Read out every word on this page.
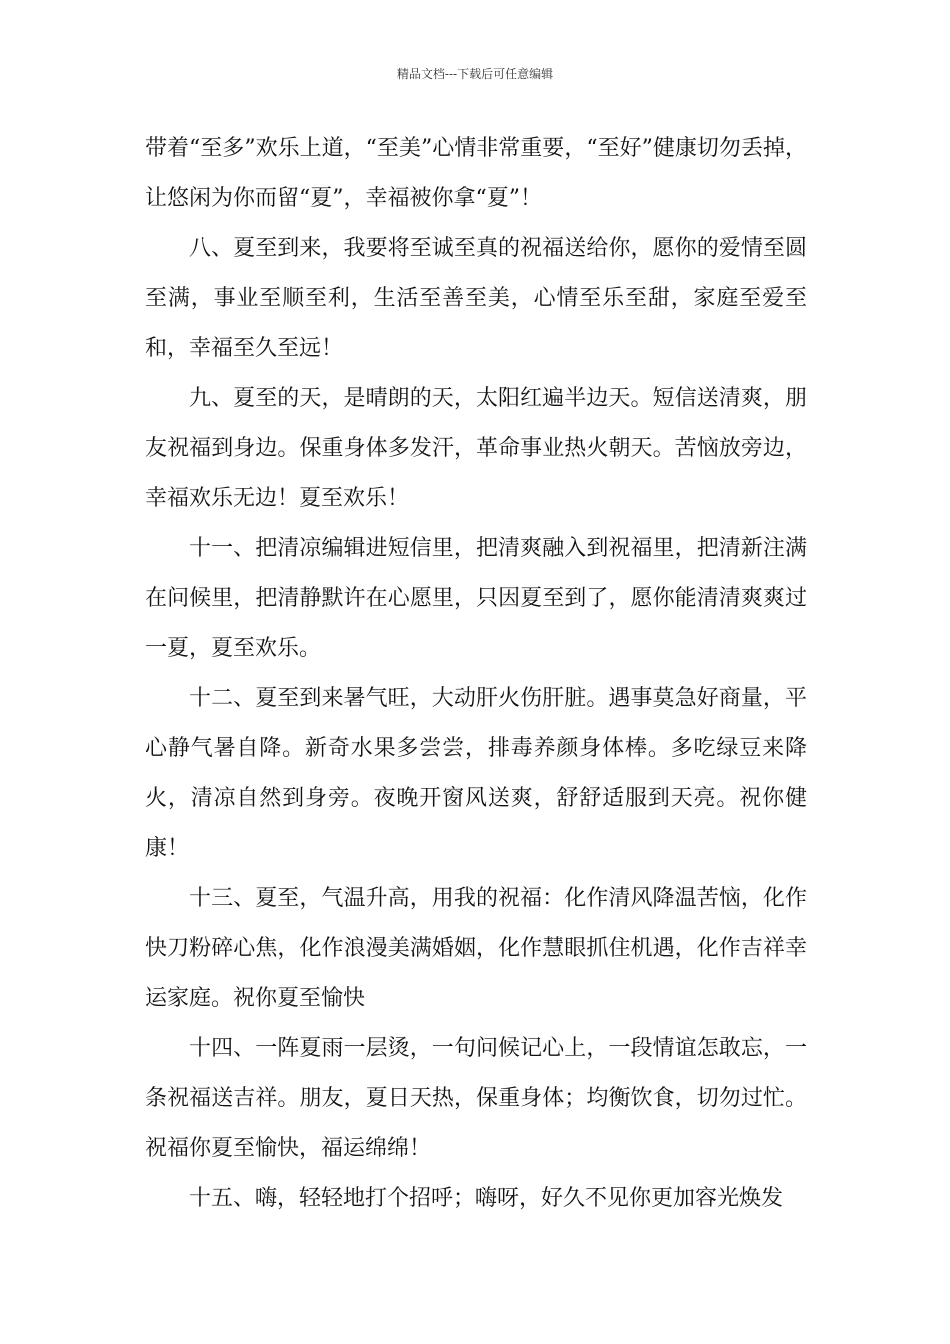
精品文档---下载后可任意编辑

带着“至多”欢乐上道，“至美”心情非常重要，“至好”健康切勿丢掉，让悠闲为你而留“夏”，幸福被你拿“夏”！

八、夏至到来，我要将至诚至真的祝福送给你，愿你的爱情至圆至满，事业至顺至利，生活至善至美，心情至乐至甜，家庭至爱至和，幸福至久至远！

九、夏至的天，是晴朗的天，太阳红遍半边天。短信送清爽，朋友祝福到身边。保重身体多发汗，革命事业热火朝天。苦恼放旁边，幸福欢乐无边！夏至欢乐！

十一、把清凉编辑进短信里，把清爽融入到祝福里，把清新注满在问候里，把清静默许在心愿里，只因夏至到了，愿你能清清爽爽过一夏，夏至欢乐。

十二、夏至到来暑气旺，大动肝火伤肝脏。遇事莫急好商量，平心静气暑自降。新奇水果多尝尝，排毒养颜身体棒。多吃绿豆来降火，清凉自然到身旁。夜晚开窗风送爽，舒舒适服到天亮。祝你健康！

十三、夏至，气温升高，用我的祝福：化作清风降温苦恼，化作快刀粉碎心焦，化作浪漫美满婚姻，化作慧眼抓住机遇，化作吉祥幸运家庭。祝你夏至愉快

十四、一阵夏雨一层烫，一句问候记心上，一段情谊怎敢忘，一条祝福送吉祥。朋友，夏日天热，保重身体；均衡饮食，切勿过忙。祝福你夏至愉快，福运绵绵！

十五、嗨，轻轻地打个招呼；嗨呀，好久不见你更加容光焕发
